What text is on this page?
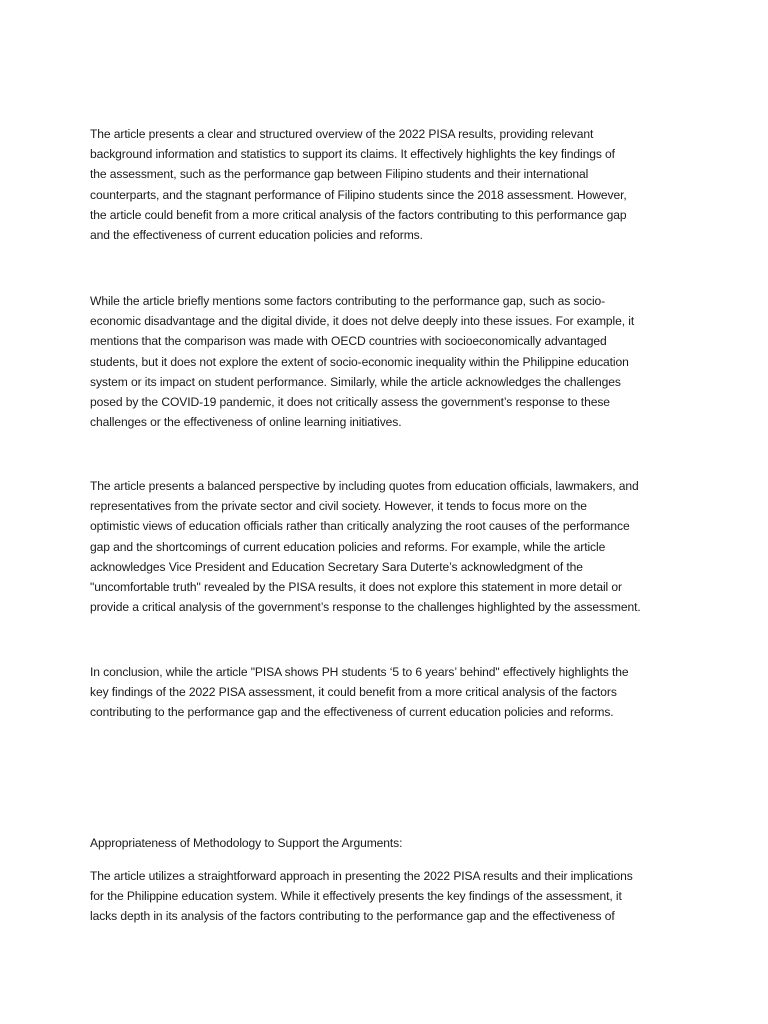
The article presents a clear and structured overview of the 2022 PISA results, providing relevant
background information and statistics to support its claims. It effectively highlights the key findings of
the assessment, such as the performance gap between Filipino students and their international
counterparts, and the stagnant performance of Filipino students since the 2018 assessment. However,
the article could benefit from a more critical analysis of the factors contributing to this performance gap
and the effectiveness of current education policies and reforms.

While the article briefly mentions some factors contributing to the performance gap, such as socio-
economic disadvantage and the digital divide, it does not delve deeply into these issues. For example, it
mentions that the comparison was made with OECD countries with socioeconomically advantaged
students, but it does not explore the extent of socio-economic inequality within the Philippine education
system or its impact on student performance. Similarly, while the article acknowledges the challenges
posed by the COVID-19 pandemic, it does not critically assess the government’s response to these
challenges or the effectiveness of online learning initiatives.

The article presents a balanced perspective by including quotes from education officials, lawmakers, and
representatives from the private sector and civil society. However, it tends to focus more on the
optimistic views of education officials rather than critically analyzing the root causes of the performance
gap and the shortcomings of current education policies and reforms. For example, while the article
acknowledges Vice President and Education Secretary Sara Duterte’s acknowledgment of the
"uncomfortable truth" revealed by the PISA results, it does not explore this statement in more detail or
provide a critical analysis of the government’s response to the challenges highlighted by the assessment.

In conclusion, while the article "PISA shows PH students ‘5 to 6 years’ behind" effectively highlights the
key findings of the 2022 PISA assessment, it could benefit from a more critical analysis of the factors
contributing to the performance gap and the effectiveness of current education policies and reforms.

Appropriateness of Methodology to Support the Arguments:

The article utilizes a straightforward approach in presenting the 2022 PISA results and their implications
for the Philippine education system. While it effectively presents the key findings of the assessment, it
lacks depth in its analysis of the factors contributing to the performance gap and the effectiveness of
